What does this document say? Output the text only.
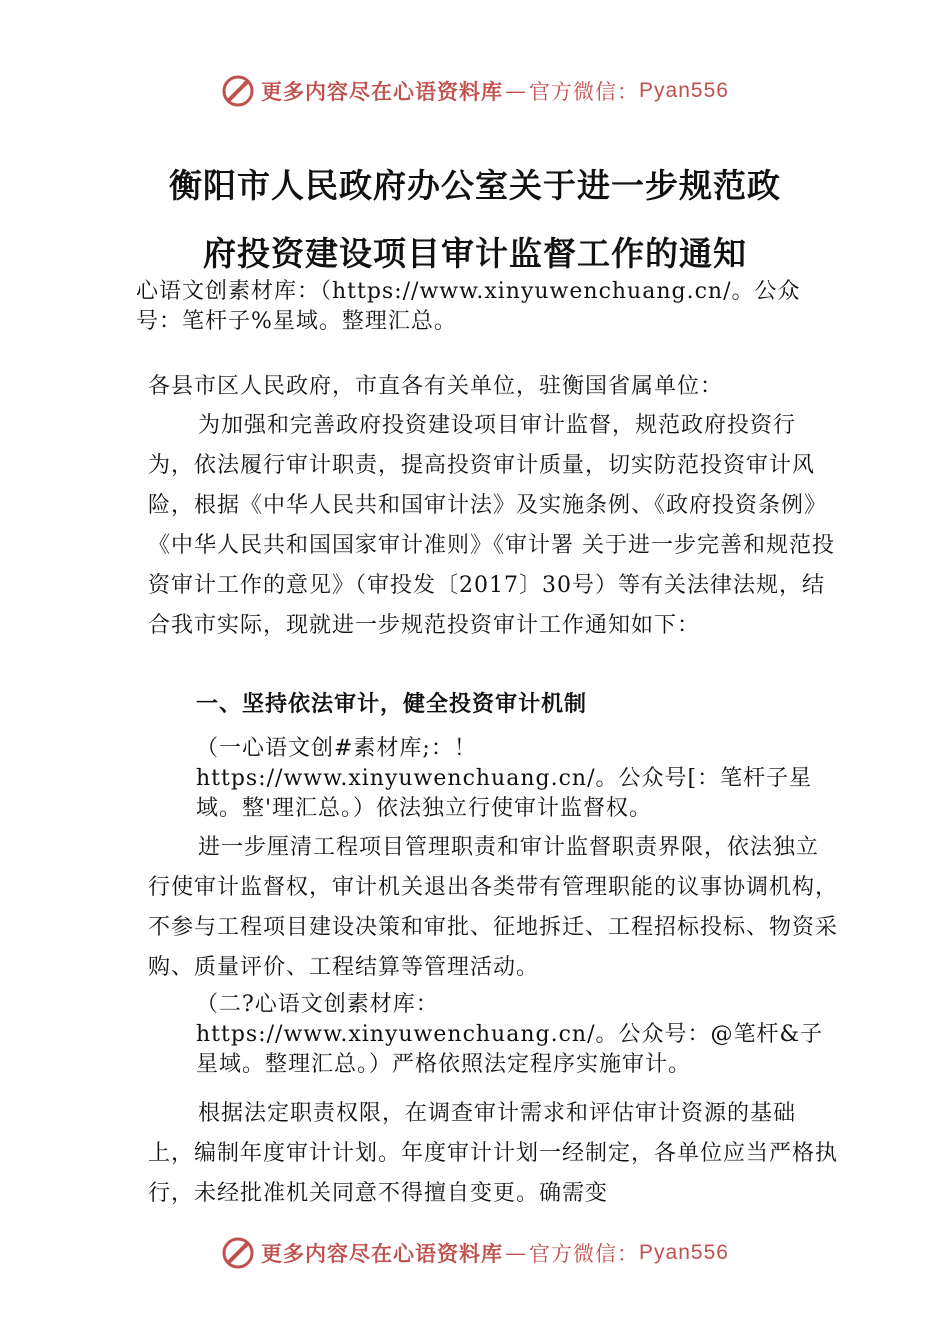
更多内容尽在心语资料库 — 官方微信： Pyan556
衡阳市人民政府办公室关于进一步规范政
府投资建设项目审计监督工作的通知

心语文创素材库：（https://www.xinyuwenchuang.cn/。公众号：笔杆子%星域。整理汇总。

各县市区人民政府，市直各有关单位，驻衡国省属单位：

为加强和完善政府投资建设项目审计监督，规范政府投资行为，依法履行审计职责，提高投资审计质量，切实防范投资审计风险，根据《中华人民共和国审计法》及实施条例、《政府投资条例》《中华人民共和国国家审计准则》《审计署 关于进一步完善和规范投资审计工作的意见》（审投发〔2017〕30号）等有关法律法规，结合我市实际，现就进一步规范投资审计工作通知如下：

一、坚持依法审计，健全投资审计机制

（一心语文创#素材库;：！https://www.xinyuwenchuang.cn/。公众号[：笔杆子星域。整'理汇总。）依法独立行使审计监督权。

进一步厘清工程项目管理职责和审计监督职责界限，依法独立行使审计监督权，审计机关退出各类带有管理职能的议事协调机构，不参与工程项目建设决策和审批、征地拆迁、工程招标投标、物资采购、质量评价、工程结算等管理活动。

（二?心语文创素材库：https://www.xinyuwenchuang.cn/。公众号：@笔杆&子星域。整理汇总。）严格依照法定程序实施审计。

根据法定职责权限，在调查审计需求和评估审计资源的基础上，编制年度审计计划。年度审计计划一经制定，各单位应当严格执行，未经批准机关同意不得擅自变更。确需变

更多内容尽在心语资料库 — 官方微信： Pyan556
